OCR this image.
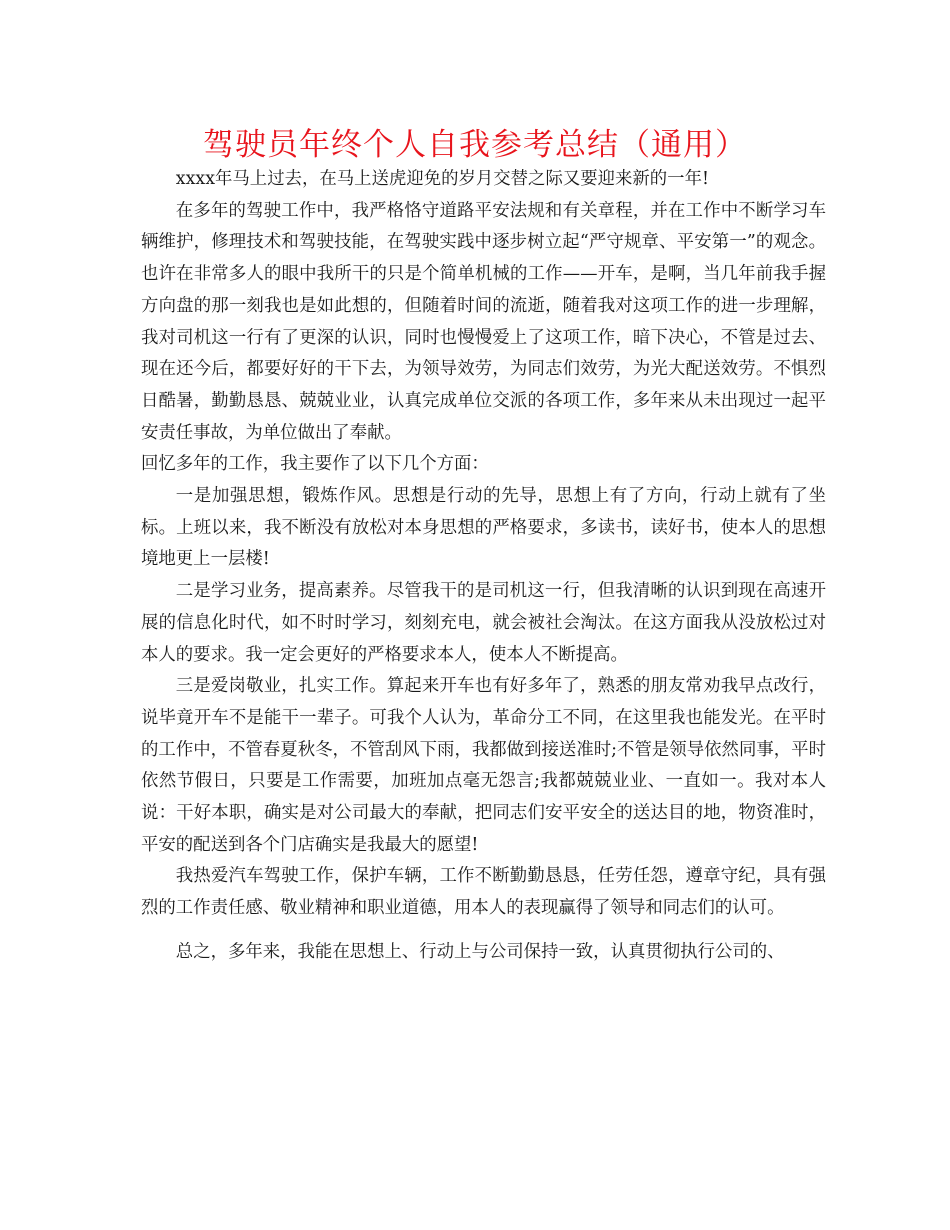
驾驶员年终个人自我参考总结（通用）

xxxx年马上过去，在马上送虎迎免的岁月交替之际又要迎来新的一年!

在多年的驾驶工作中，我严格恪守道路平安法规和有关章程，并在工作中不断学习车辆维护，修理技术和驾驶技能，在驾驶实践中逐步树立起“严守规章、平安第一”的观念。也许在非常多人的眼中我所干的只是个简单机械的工作——开车，是啊，当几年前我手握方向盘的那一刻我也是如此想的，但随着时间的流逝，随着我对这项工作的进一步理解，我对司机这一行有了更深的认识，同时也慢慢爱上了这项工作，暗下决心，不管是过去、现在还今后，都要好好的干下去，为领导效劳，为同志们效劳，为光大配送效劳。不惧烈日酷暑，勤勤恳恳、兢兢业业，认真完成单位交派的各项工作，多年来从未出现过一起平安责任事故，为单位做出了奉献。

回忆多年的工作，我主要作了以下几个方面：

一是加强思想，锻炼作风。思想是行动的先导，思想上有了方向，行动上就有了坐标。上班以来，我不断没有放松对本身思想的严格要求，多读书，读好书，使本人的思想境地更上一层楼!

二是学习业务，提高素养。尽管我干的是司机这一行，但我清晰的认识到现在高速开展的信息化时代，如不时时学习，刻刻充电，就会被社会淘汰。在这方面我从没放松过对本人的要求。我一定会更好的严格要求本人，使本人不断提高。

三是爱岗敬业，扎实工作。算起来开车也有好多年了，熟悉的朋友常劝我早点改行，说毕竟开车不是能干一辈子。可我个人认为，革命分工不同，在这里我也能发光。在平时的工作中，不管春夏秋冬，不管刮风下雨，我都做到接送准时;不管是领导依然同事，平时依然节假日，只要是工作需要，加班加点毫无怨言;我都兢兢业业、一直如一。我对本人说：干好本职，确实是对公司最大的奉献，把同志们安平安全的送达目的地，物资准时，平安的配送到各个门店确实是我最大的愿望!

我热爱汽车驾驶工作，保护车辆，工作不断勤勤恳恳，任劳任怨，遵章守纪，具有强烈的工作责任感、敬业精神和职业道德，用本人的表现赢得了领导和同志们的认可。

总之，多年来，我能在思想上、行动上与公司保持一致，认真贯彻执行公司的、
